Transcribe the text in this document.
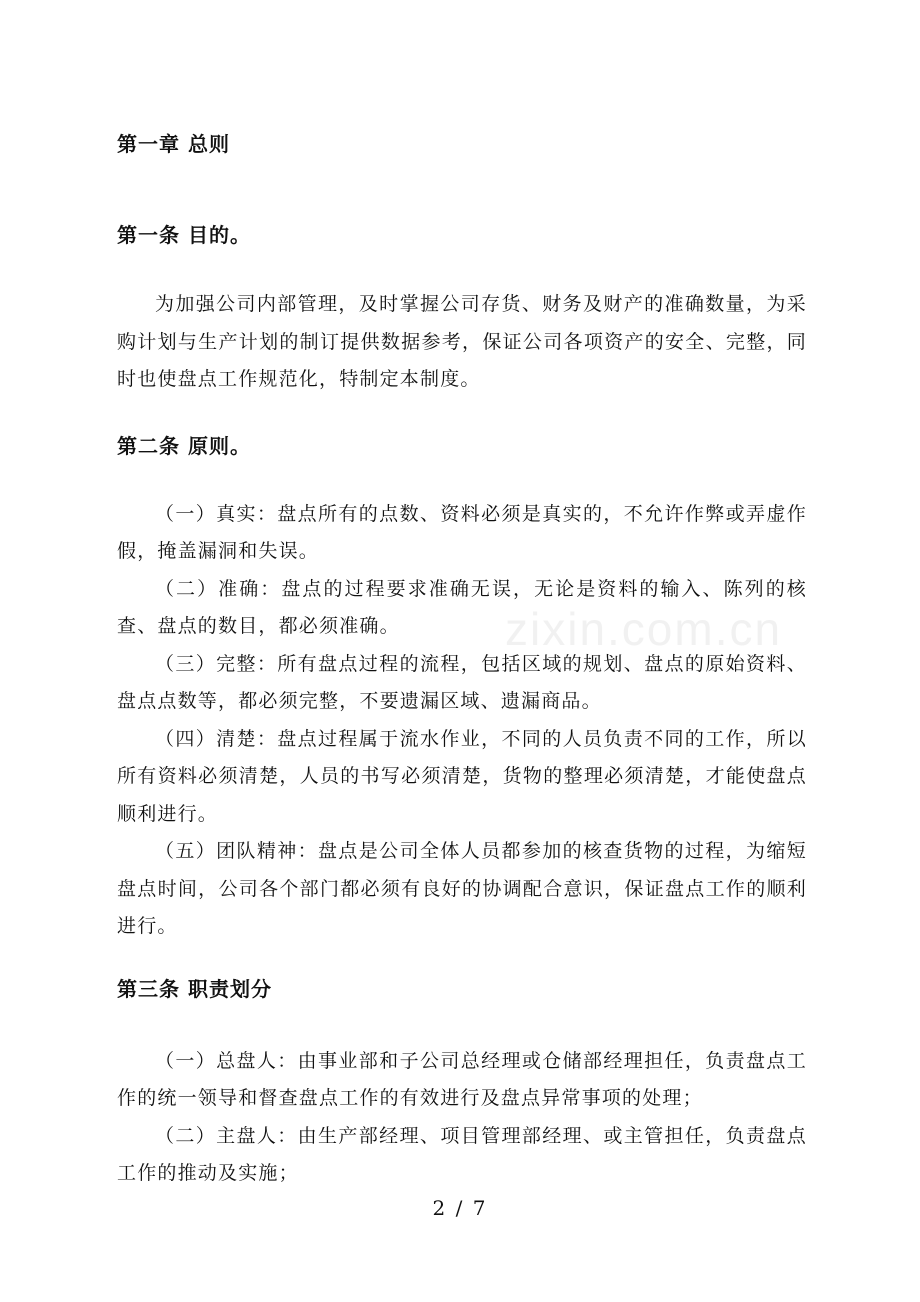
zixin.com.cn
第一章 总则
第一条 目的。

为加强公司内部管理，及时掌握公司存货、财务及财产的准确数量，为采购计划与生产计划的制订提供数据参考，保证公司各项资产的安全、完整，同时也使盘点工作规范化，特制定本制度。

第二条 原则。

（一）真实：盘点所有的点数、资料必须是真实的，不允许作弊或弄虚作假，掩盖漏洞和失误。

（二）准确：盘点的过程要求准确无误，无论是资料的输入、陈列的核查、盘点的数目，都必须准确。

（三）完整：所有盘点过程的流程，包括区域的规划、盘点的原始资料、盘点点数等，都必须完整，不要遗漏区域、遗漏商品。

（四）清楚：盘点过程属于流水作业，不同的人员负责不同的工作，所以所有资料必须清楚，人员的书写必须清楚，货物的整理必须清楚，才能使盘点顺利进行。

（五）团队精神：盘点是公司全体人员都参加的核查货物的过程，为缩短盘点时间，公司各个部门都必须有良好的协调配合意识，保证盘点工作的顺利进行。

第三条 职责划分

（一）总盘人：由事业部和子公司总经理或仓储部经理担任，负责盘点工作的统一领导和督查盘点工作的有效进行及盘点异常事项的处理；

（二）主盘人：由生产部经理、项目管理部经理、或主管担任，负责盘点工作的推动及实施；

2 / 7
